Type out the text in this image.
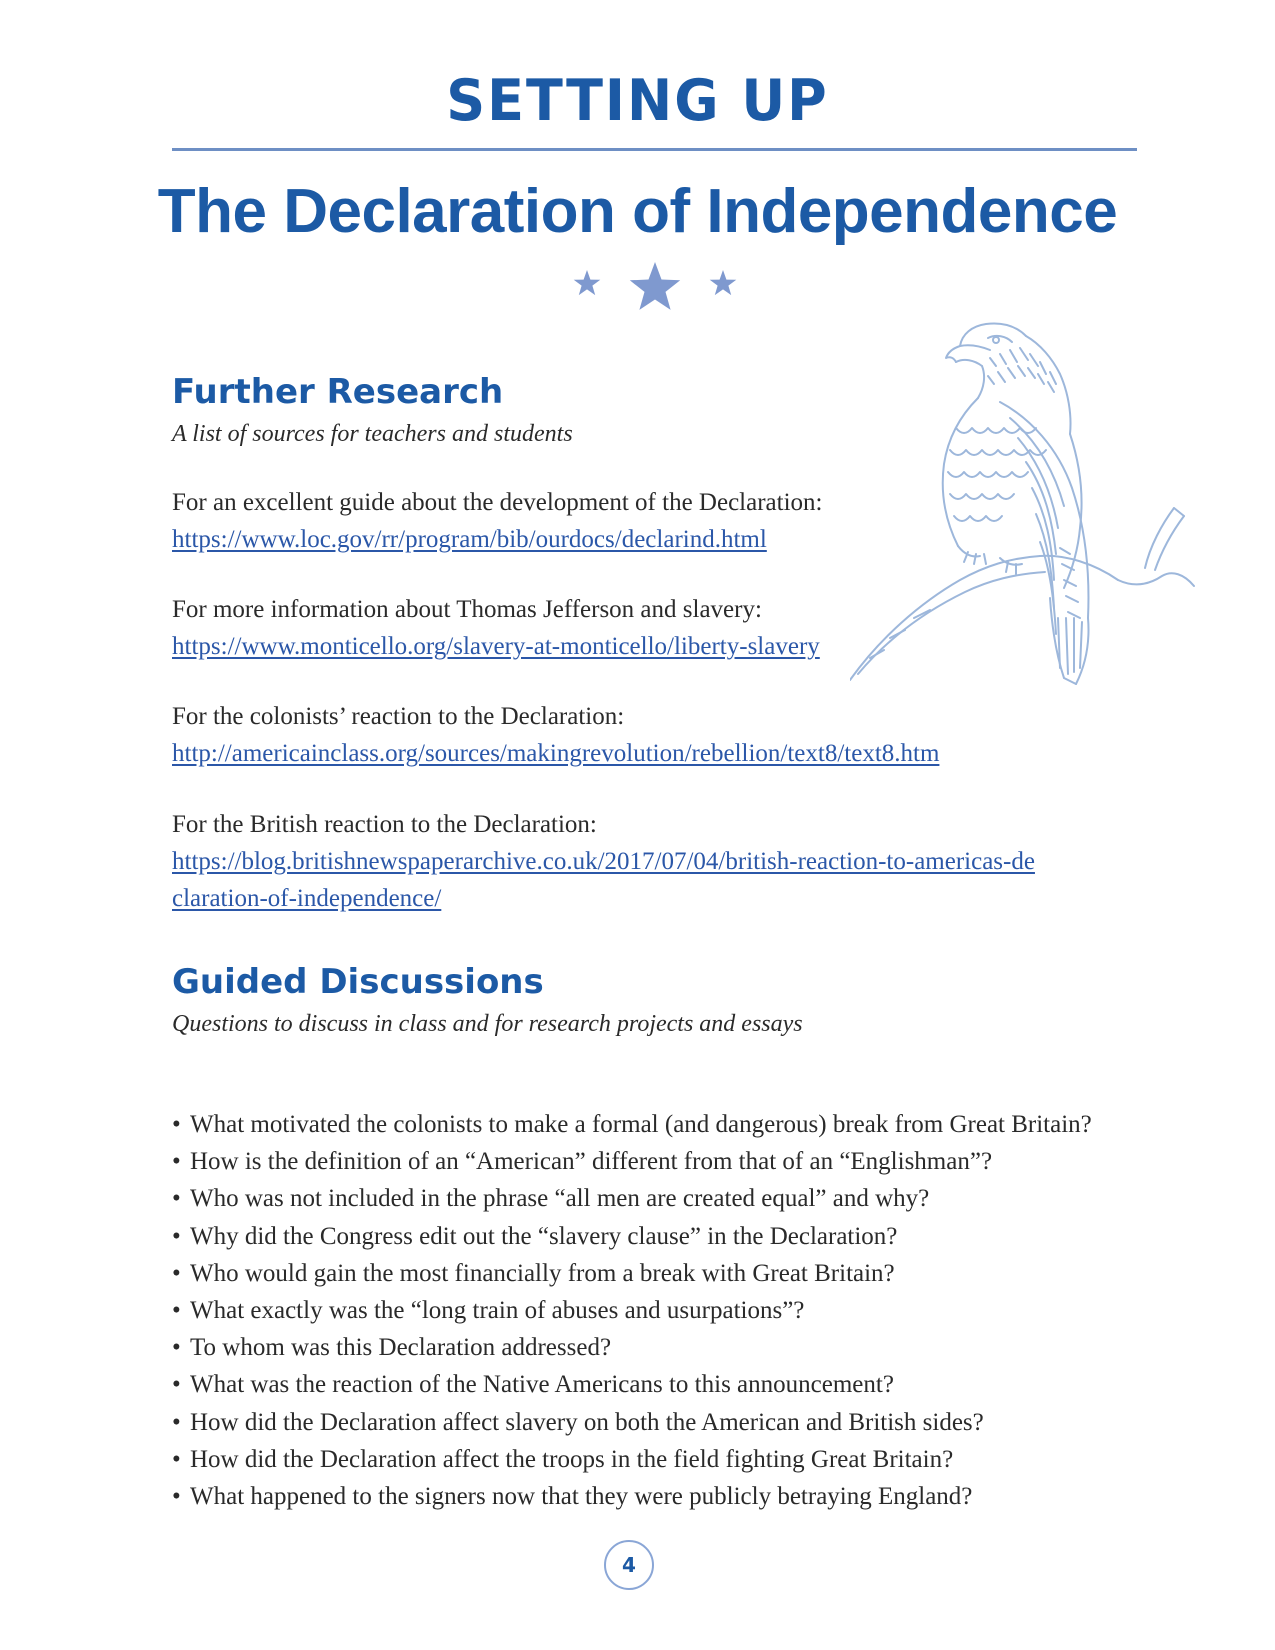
SETTING UP
The Declaration of Independence
Further Research
A list of sources for teachers and students
For an excellent guide about the development of the Declaration:
https://www.loc.gov/rr/program/bib/ourdocs/declarind.html
For more information about Thomas Jefferson and slavery:
https://www.monticello.org/slavery-at-monticello/liberty-slavery
For the colonists’ reaction to the Declaration:
http://americainclass.org/sources/makingrevolution/rebellion/text8/text8.htm
For the British reaction to the Declaration:
https://blog.britishnewspaperarchive.co.uk/2017/07/04/british-reaction-to-americas-declaration-of-independence/
Guided Discussions
Questions to discuss in class and for research projects and essays
• What motivated the colonists to make a formal (and dangerous) break from Great Britain?
• How is the definition of an “American” different from that of an “Englishman”?
• Who was not included in the phrase “all men are created equal” and why?
• Why did the Congress edit out the “slavery clause” in the Declaration?
• Who would gain the most financially from a break with Great Britain?
• What exactly was the “long train of abuses and usurpations”?
• To whom was this Declaration addressed?
• What was the reaction of the Native Americans to this announcement?
• How did the Declaration affect slavery on both the American and British sides?
• How did the Declaration affect the troops in the field fighting Great Britain?
• What happened to the signers now that they were publicly betraying England?
4
